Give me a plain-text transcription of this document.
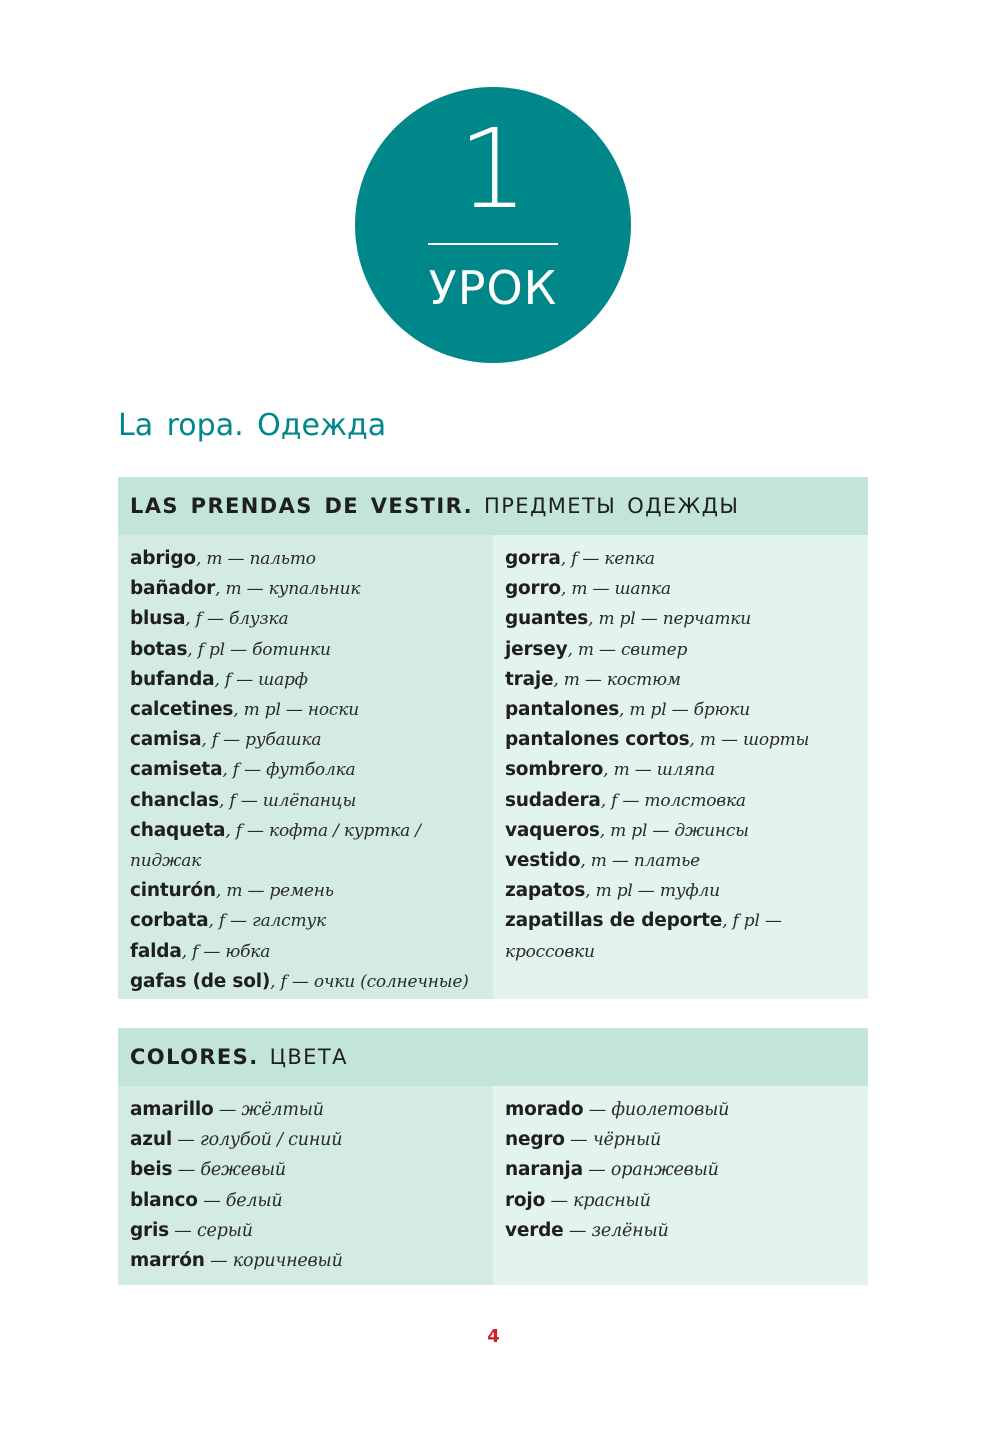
1
УРОК
La ropa. Одежда
LAS PRENDAS DE VESTIR.
ПРЕДМЕТЫ ОДЕЖДЫ
abrigo, m — пальто
bañador, m — купальник
blusa, f — блузка
botas, f pl — ботинки
bufanda, f — шарф
calcetines, m pl — носки
camisa, f — рубашка
camiseta, f — футболка
chanclas, f — шлёпанцы
chaqueta, f — кофта / куртка / пиджак
cinturón, m — ремень
corbata, f — галстук
falda, f — юбка
gafas (de sol), f — очки (солнечные)
gorra, f — кепка
gorro, m — шапка
guantes, m pl — перчатки
jersey, m — свитер
traje, m — костюм
pantalones, m pl — брюки
pantalones cortos, m — шорты
sombrero, m — шляпа
sudadera, f — толстовка
vaqueros, m pl — джинсы
vestido, m — платье
zapatos, m pl — туфли
zapatillas de deporte, f pl — кроссовки
COLORES.
ЦВЕТА
amarillo — жёлтый
azul — голубой / синий
beis — бежевый
blanco — белый
gris — серый
marrón — коричневый
morado — фиолетовый
negro — чёрный
naranja — оранжевый
rojo — красный
verde — зелёный
4
